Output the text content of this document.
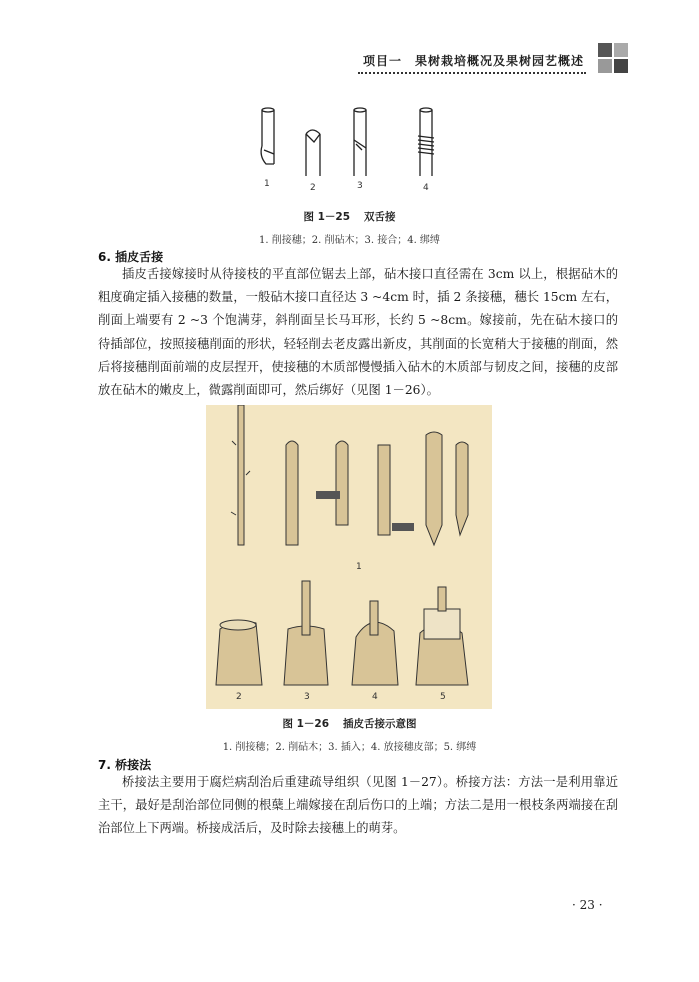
项目一　果树栽培概况及果树园艺概述
1	2	3	4
图 1－25 双舌接
1. 削接穗；2. 削砧木；3. 接合；4. 绑缚
6. 插皮舌接
插皮舌接嫁接时从待接枝的平直部位锯去上部，砧木接口直径需在 3cm 以上，根据砧木的粗度确定插入接穗的数量，一般砧木接口直径达 3 ~4cm 时，插 2 条接穗，穗长 15cm 左右，削面上端要有 2 ~3 个饱满芽，斜削面呈长马耳形，长约 5 ~8cm。嫁接前，先在砧木接口的待插部位，按照接穗削面的形状，轻轻削去老皮露出新皮，其削面的长宽稍大于接穗的削面，然后将接穗削面前端的皮层捏开，使接穗的木质部慢慢插入砧木的木质部与韧皮之间，接穗的皮部放在砧木的嫩皮上，微露削面即可，然后绑好（见图 1－26）。
1
2	3	4	5
图 1－26 插皮舌接示意图
1. 削接穗；2. 削砧木；3. 插入；4. 放接穗皮部；5. 绑缚
7. 桥接法
桥接法主要用于腐烂病刮治后重建疏导组织（见图 1－27）。桥接方法：方法一是利用靠近主干，最好是刮治部位同侧的根蘖上端嫁接在刮后伤口的上端；方法二是用一根枝条两端接在刮治部位上下两端。桥接成活后，及时除去接穗上的萌芽。
· 23 ·
